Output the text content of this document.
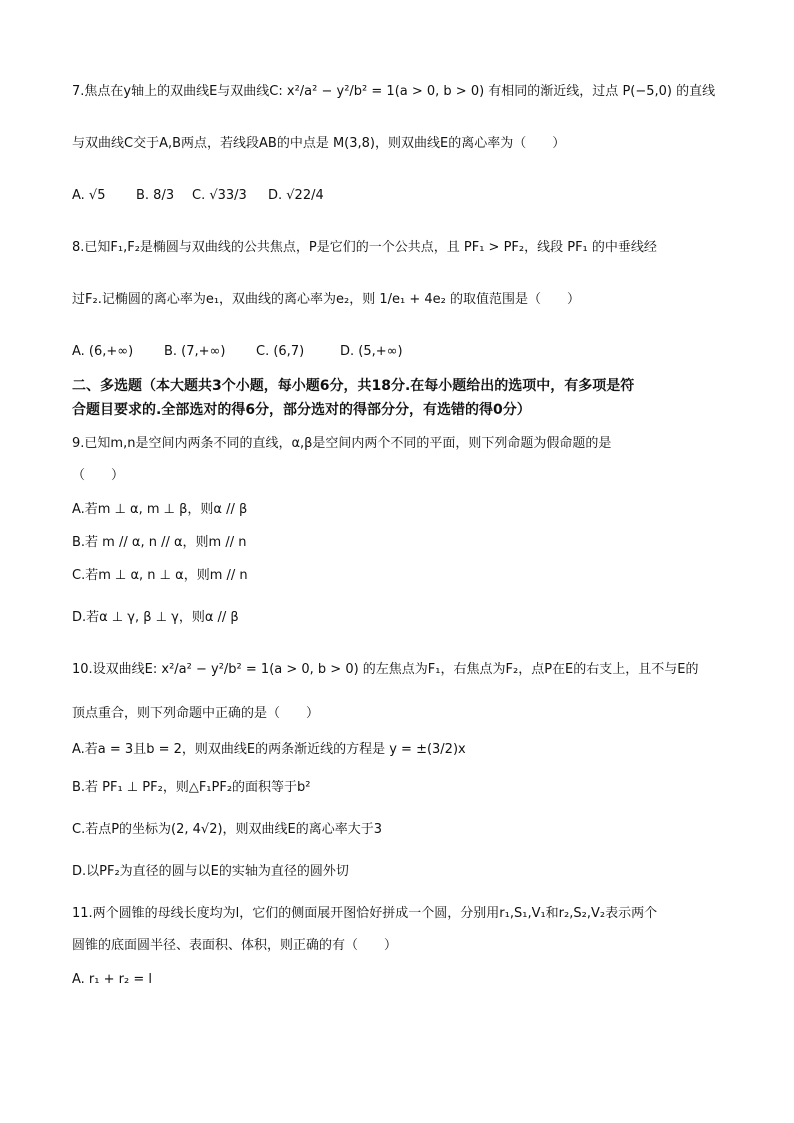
7.焦点在y轴上的双曲线E与双曲线C: x²/a² − y²/b² = 1(a > 0, b > 0) 有相同的渐近线，过点 P(−5,0) 的直线
与双曲线C交于A,B两点，若线段AB的中点是 M(3,8)，则双曲线E的离心率为（　　）
A. √5 B. 8/3 C. √33/3 D. √22/4
8.已知F₁,F₂是椭圆与双曲线的公共焦点，P是它们的一个公共点，且 PF₁ > PF₂，线段 PF₁ 的中垂线经
过F₂.记椭圆的离心率为e₁，双曲线的离心率为e₂，则 1/e₁ + 4e₂ 的取值范围是（　　）
A. (6,+∞) B. (7,+∞) C. (6,7)	D. (5,+∞)
二、多选题（本大题共3个小题，每小题6分，共18分.在每小题给出的选项中，有多项是符
合题目要求的.全部选对的得6分，部分选对的得部分分，有选错的得0分）
9.已知m,n是空间内两条不同的直线，α,β是空间内两个不同的平面，则下列命题为假命题的是
（　　）
A.若m ⊥ α, m ⊥ β，则α // β
B.若 m // α, n // α，则m // n
C.若m ⊥ α, n ⊥ α，则m // n
D.若α ⊥ γ, β ⊥ γ，则α // β
10.设双曲线E: x²/a² − y²/b² = 1(a > 0, b > 0) 的左焦点为F₁，右焦点为F₂，点P在E的右支上，且不与E的
顶点重合，则下列命题中正确的是（　　）
A.若a = 3且b = 2，则双曲线E的两条渐近线的方程是 y = ±(3/2)x
B.若 PF₁ ⊥ PF₂，则△F₁PF₂的面积等于b²
C.若点P的坐标为(2, 4√2)，则双曲线E的离心率大于3
D.以PF₂为直径的圆与以E的实轴为直径的圆外切
11.两个圆锥的母线长度均为l，它们的侧面展开图恰好拼成一个圆，分别用r₁,S₁,V₁和r₂,S₂,V₂表示两个
圆锥的底面圆半径、表面积、体积，则正确的有（　　）
A. r₁ + r₂ = l
